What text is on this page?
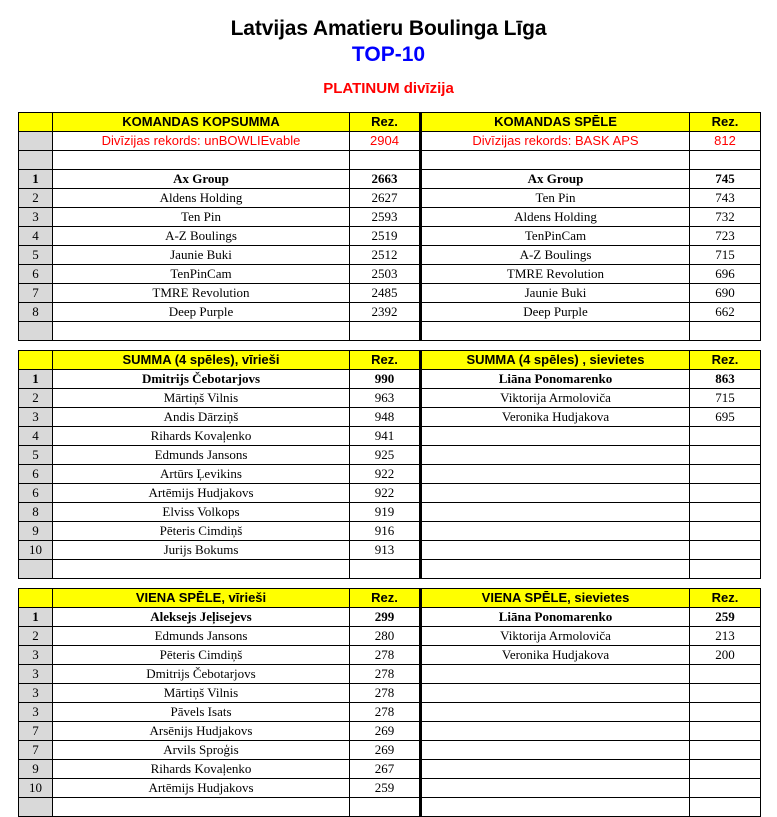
Latvijas Amatieru Boulinga Līga
TOP-10
PLATINUM divīzija
	KOMANDAS KOPSUMMA	Rez.	KOMANDAS SPĒLE	Rez.
	Divīzijas rekords: unBOWLIEvable	2904	Divīzijas rekords: BASK APS	812

1	Ax Group	2663	Ax Group	745
2	Aldens Holding	2627	Ten Pin	743
3	Ten Pin	2593	Aldens Holding	732
4	A-Z Boulings	2519	TenPinCam	723
5	Jaunie Buki	2512	A-Z Boulings	715
6	TenPinCam	2503	TMRE Revolution	696
7	TMRE Revolution	2485	Jaunie Buki	690
8	Deep Purple	2392	Deep Purple	662

	SUMMA (4 spēles), vīrieši	Rez.	SUMMA (4 spēles) , sievietes	Rez.
1	Dmitrijs Čebotarjovs	990	Liāna Ponomarenko	863
2	Mārtiņš Vilnis	963	Viktorija Armoloviča	715
3	Andis Dārziņš	948	Veronika Hudjakova	695
4	Rihards Kovaļenko	941		
5	Edmunds Jansons	925		
6	Artūrs Ļevikins	922		
6	Artēmijs Hudjakovs	922		
8	Elviss Volkops	919		
9	Pēteris Cimdiņš	916		
10	Jurijs Bokums	913		

	VIENA SPĒLE, vīrieši	Rez.	VIENA SPĒLE, sievietes	Rez.
1	Aleksejs Jeļisejevs	299	Liāna Ponomarenko	259
2	Edmunds Jansons	280	Viktorija Armoloviča	213
3	Pēteris Cimdiņš	278	Veronika Hudjakova	200
3	Dmitrijs Čebotarjovs	278		
3	Mārtiņš Vilnis	278		
3	Pāvels Isats	278		
7	Arsēnijs Hudjakovs	269		
7	Arvils Sproģis	269		
9	Rihards Kovaļenko	267		
10	Artēmijs Hudjakovs	259		
